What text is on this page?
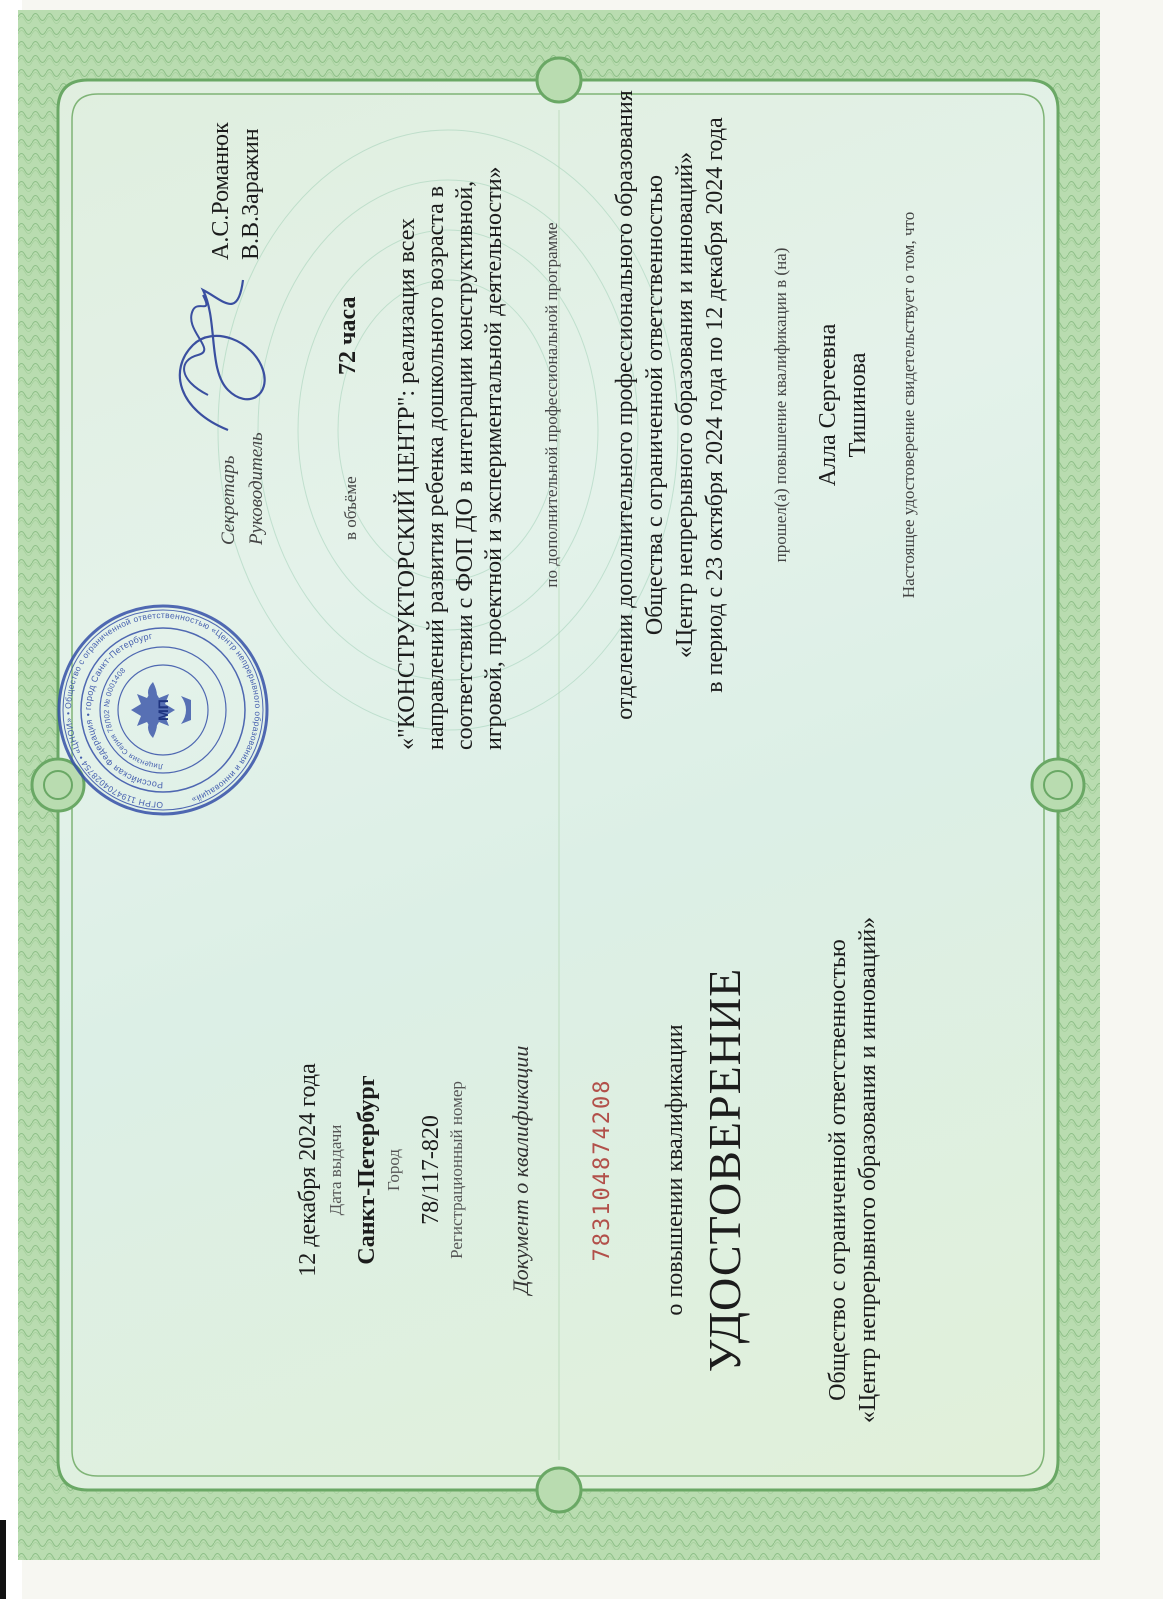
Общество с ограниченной ответственностью «Центр непрерывного образования и инноваций»
УДОСТОВЕРЕНИЕ
о повышении квалификации
783104874208
Документ о квалификации
Регистрационный номер
78/117-820
Город
Санкт-Петербург
Дата выдачи
12 декабря 2024 года
Настоящее удостоверение свидетельствует о том, что
Тишинова
Алла Сергеевна
прошел(а) повышение квалификации в (на)
отделении дополнительного профессионального образования Общества с ограниченной ответственностью «Центр непрерывного образования и инноваций» в период с 23 октября 2024 года по 12 декабря 2024 года
по дополнительной профессиональной программе
«"КОНСТРУКТОРСКИЙ ЦЕНТР": реализация всех направлений развития ребенка дошкольного возраста в соответствии с ФОП ДО в интеграции конструктивной, игровой, проектной и экспериментальной деятельности»
в объёме
72 часа
Руководитель
В.В.Заражин
Секретарь
А.С.Романюк
ОГРН 1194704028754 • «ЦНОИ» • Общество с ограниченной ответственностью «Центр непрерывного образования и инноваций»
Российская Федерация • город Санкт-Петербург
Лицензия Серия 78Л02 № 0001408
МП
